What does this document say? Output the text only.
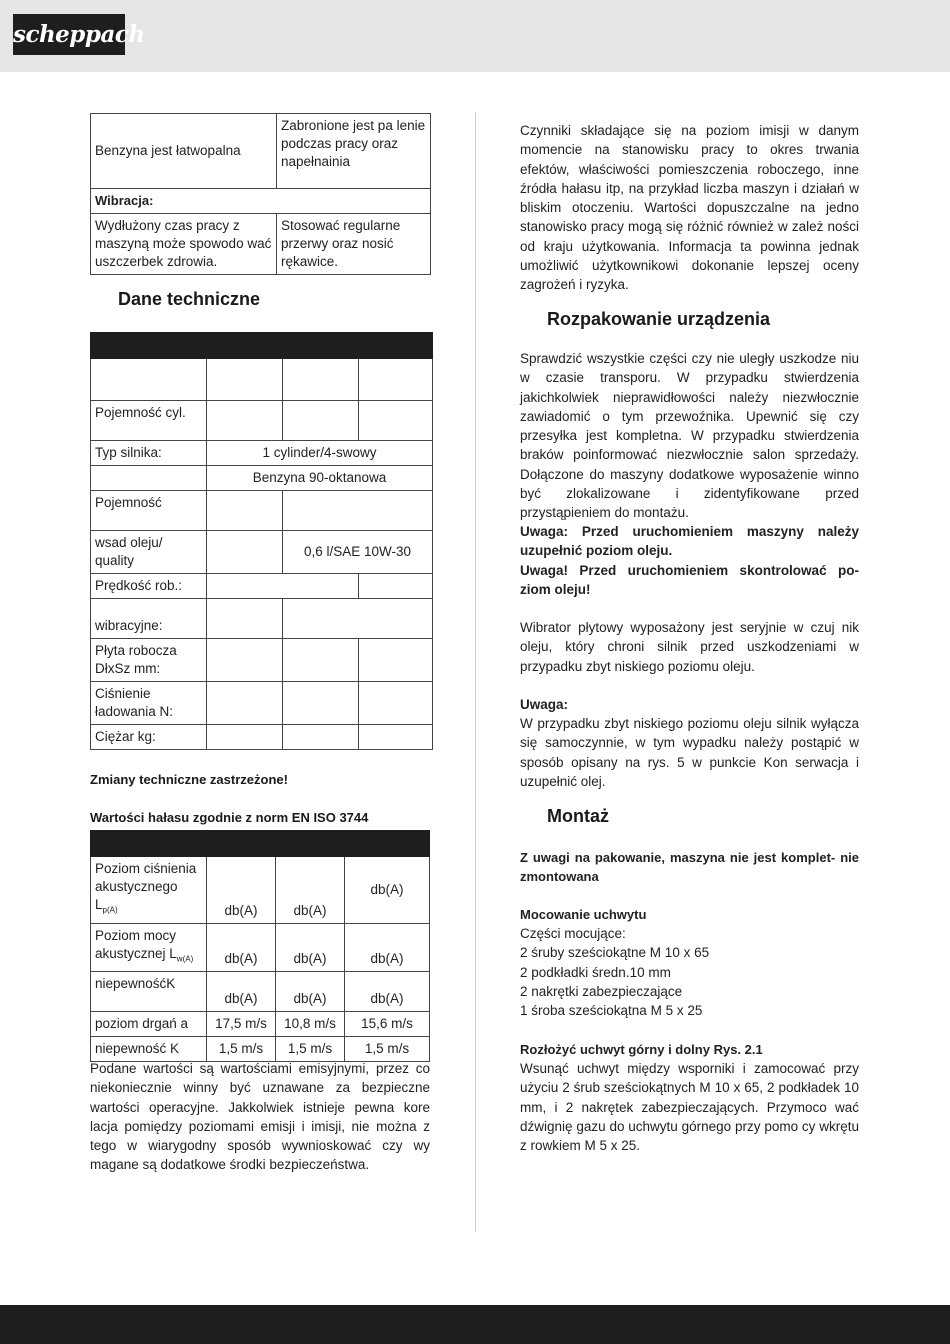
scheppach
Benzyna jest łatwopalna	Zabronione jest pa lenie podczas pracy oraz napełnainia
Wibracja:	
Wydłużony czas pracy z maszyną może spowodo wać uszczerbek zdrowia.	Stosować regularne przerwy oraz nosić rękawice.
Dane techniczne

Pojemność cyl.			
Typ silnika:	1 cylinder/4-swowy		
	Benzyna 90-oktanowa		
Pojemność			
wsad oleju/ quality		0,6 l/SAE 10W-30	
Prędkość rob.:			
wibracyjne:			
Płyta robocza DłxSz mm:			
Ciśnienie ładowania N:			
Ciężar kg:			
Zmiany techniczne zastrzeżone!
Wartości hałasu zgodnie z norm EN ISO 3744

Poziom ciśnienia akustycznego $L_{p(A)}$	db(A)	db(A)	db(A)
Poziom mocy akustycznej $L_{w(A)}$	db(A)	db(A)	db(A)
niepewnośćK	db(A)	db(A)	db(A)
poziom drgań a	17,5 m/s	10,8 m/s	15,6 m/s
niepewność K	1,5 m/s	1,5 m/s	1,5 m/s
Podane wartości są wartościami emisyjnymi, przez co niekoniecznie winny być uznawane za bezpieczne wartości operacyjne. Jakkolwiek istnieje pewna kore lacja pomiędzy poziomami emisji i imisji, nie można z tego w wiarygodny sposób wywnioskować czy wy magane są dodatkowe środki bezpieczeństwa.
Czynniki składające się na poziom imisji w danym momencie na stanowisku pracy to okres trwania efektów, właściwości pomieszczenia roboczego, inne źródła hałasu itp, na przykład liczba maszyn i działań w bliskim otoczeniu. Wartości dopuszczalne na jedno stanowisko pracy mogą się różnić również w zależ ności od kraju użytkowania. Informacja ta powinna jednak umożliwić użytkownikowi dokonanie lepszej oceny zagrożeń i ryzyka.
Rozpakowanie urządzenia
Sprawdzić wszystkie części czy nie uległy uszkodze niu w czasie transporu. W przypadku stwierdzenia jakichkolwiek nieprawidłowości należy niezwłocznie zawiadomić o tym przewoźnika. Upewnić się czy przesyłka jest kompletna. W przypadku stwierdzenia braków poinformować niezwłocznie salon sprzedaży. Dołączone do maszyny dodatkowe wyposażenie winno być zlokalizowane i zidentyfikowane przed przystąpieniem do montażu.
Uwaga: Przed uruchomieniem maszyny należy uzupełnić poziom oleju.
Uwaga! Przed uruchomieniem skontrolować po- ziom oleju!
Wibrator płytowy wyposażony jest seryjnie w czuj nik oleju, który chroni silnik przed uszkodzeniami w przypadku zbyt niskiego poziomu oleju.
Uwaga:
W przypadku zbyt niskiego poziomu oleju silnik wyłącza się samoczynnie, w tym wypadku należy postąpić w sposób opisany na rys. 5 w punkcie Kon serwacja i uzupełnić olej.
Montaż
Z uwagi na pakowanie, maszyna nie jest komplet- nie zmontowana
Mocowanie uchwytu
Części mocujące:
2 śruby sześciokątne M 10 x 65
2 podkładki średn.10 mm
2 nakrętki zabezpieczające
1 śroba sześciokątna M 5 x 25
Rozłożyć uchwyt górny i dolny Rys. 2.1
Wsunąć uchwyt między wsporniki i zamocować przy użyciu 2 śrub sześciokątnych M 10 x 65, 2 podkładek 10 mm, i 2 nakrętek zabezpieczających. Przymoco wać dźwignię gazu do uchwytu górnego przy pomo cy wkrętu z rowkiem M 5 x 25.
